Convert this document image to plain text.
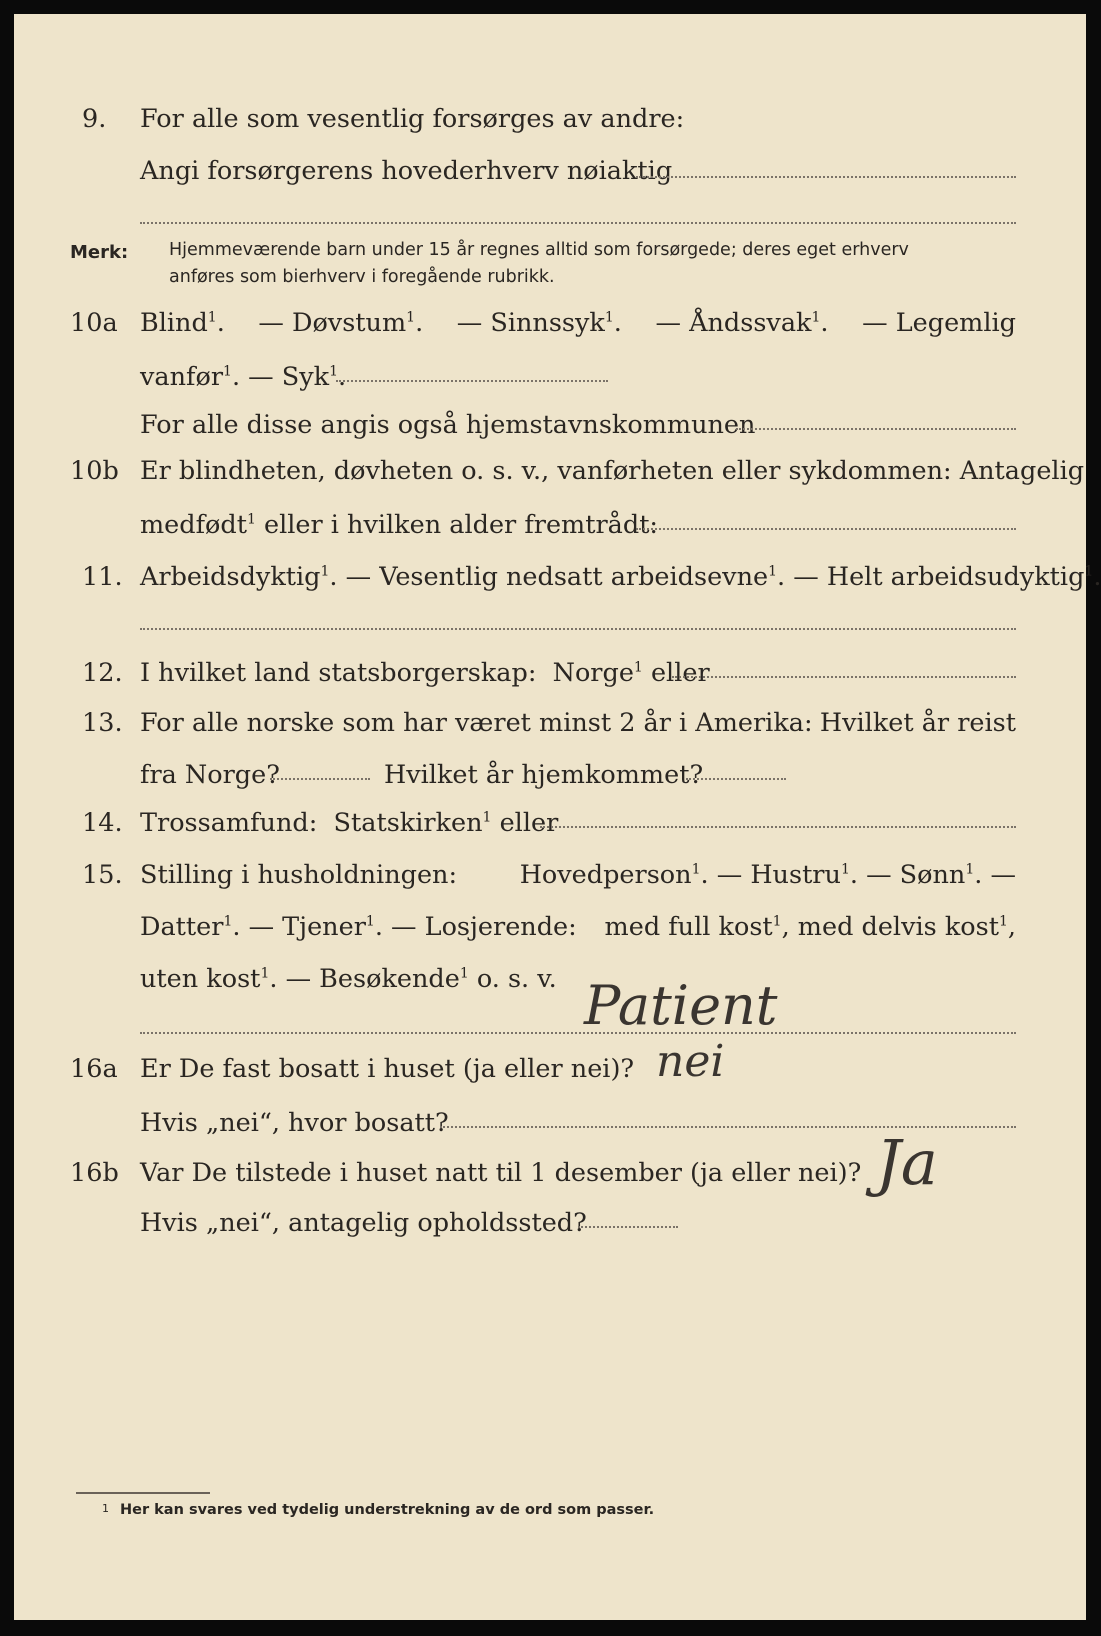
9. For alle som vesentlig forsørges av andre:
Angi forsørgerens hovederhverv nøiaktig
Merk: Hjemmeværende barn under 15 år regnes alltid som forsørgede; deres eget erhverv
anføres som bierhverv i foregående rubrikk.
10a Blind$^1$. — Døvstum$^1$. — Sinnssyk$^1$. — Åndssvak$^1$. — Legemlig
vanfør$^1$. — Syk$^1$.
For alle disse angis også hjemstavnskommunen
10b Er blindheten, døvheten o. s. v., vanførheten eller sykdommen: Antagelig
medfødt$^1$ eller i hvilken alder fremtrådt:
11. Arbeidsdyktig$^1$. — Vesentlig nedsatt arbeidsevne$^1$. — Helt arbeidsudyktig$^1$.
12. I hvilket land statsborgerskap: Norge$^1$ eller
13. For alle norske som har været minst 2 år i Amerika: Hvilket år reist
fra Norge?	Hvilket år hjemkommet?
14. Trossamfund: Statskirken$^1$ eller
15. Stilling i husholdningen: Hovedperson$^1$. — Hustru$^1$. — Sønn$^1$. —
Datter$^1$. — Tjener$^1$. — Losjerende: med full kost$^1$, med delvis kost$^1$,
uten kost$^1$. — Besøkende$^1$ o. s. v. Patient
16a Er De fast bosatt i huset (ja eller nei)? nei
Hvis „nei“, hvor bosatt?
16b Var De tilstede i huset natt til 1 desember (ja eller nei)? Ja
Hvis „nei“, antagelig opholdssted?
1 Her kan svares ved tydelig understrekning av de ord som passer.
